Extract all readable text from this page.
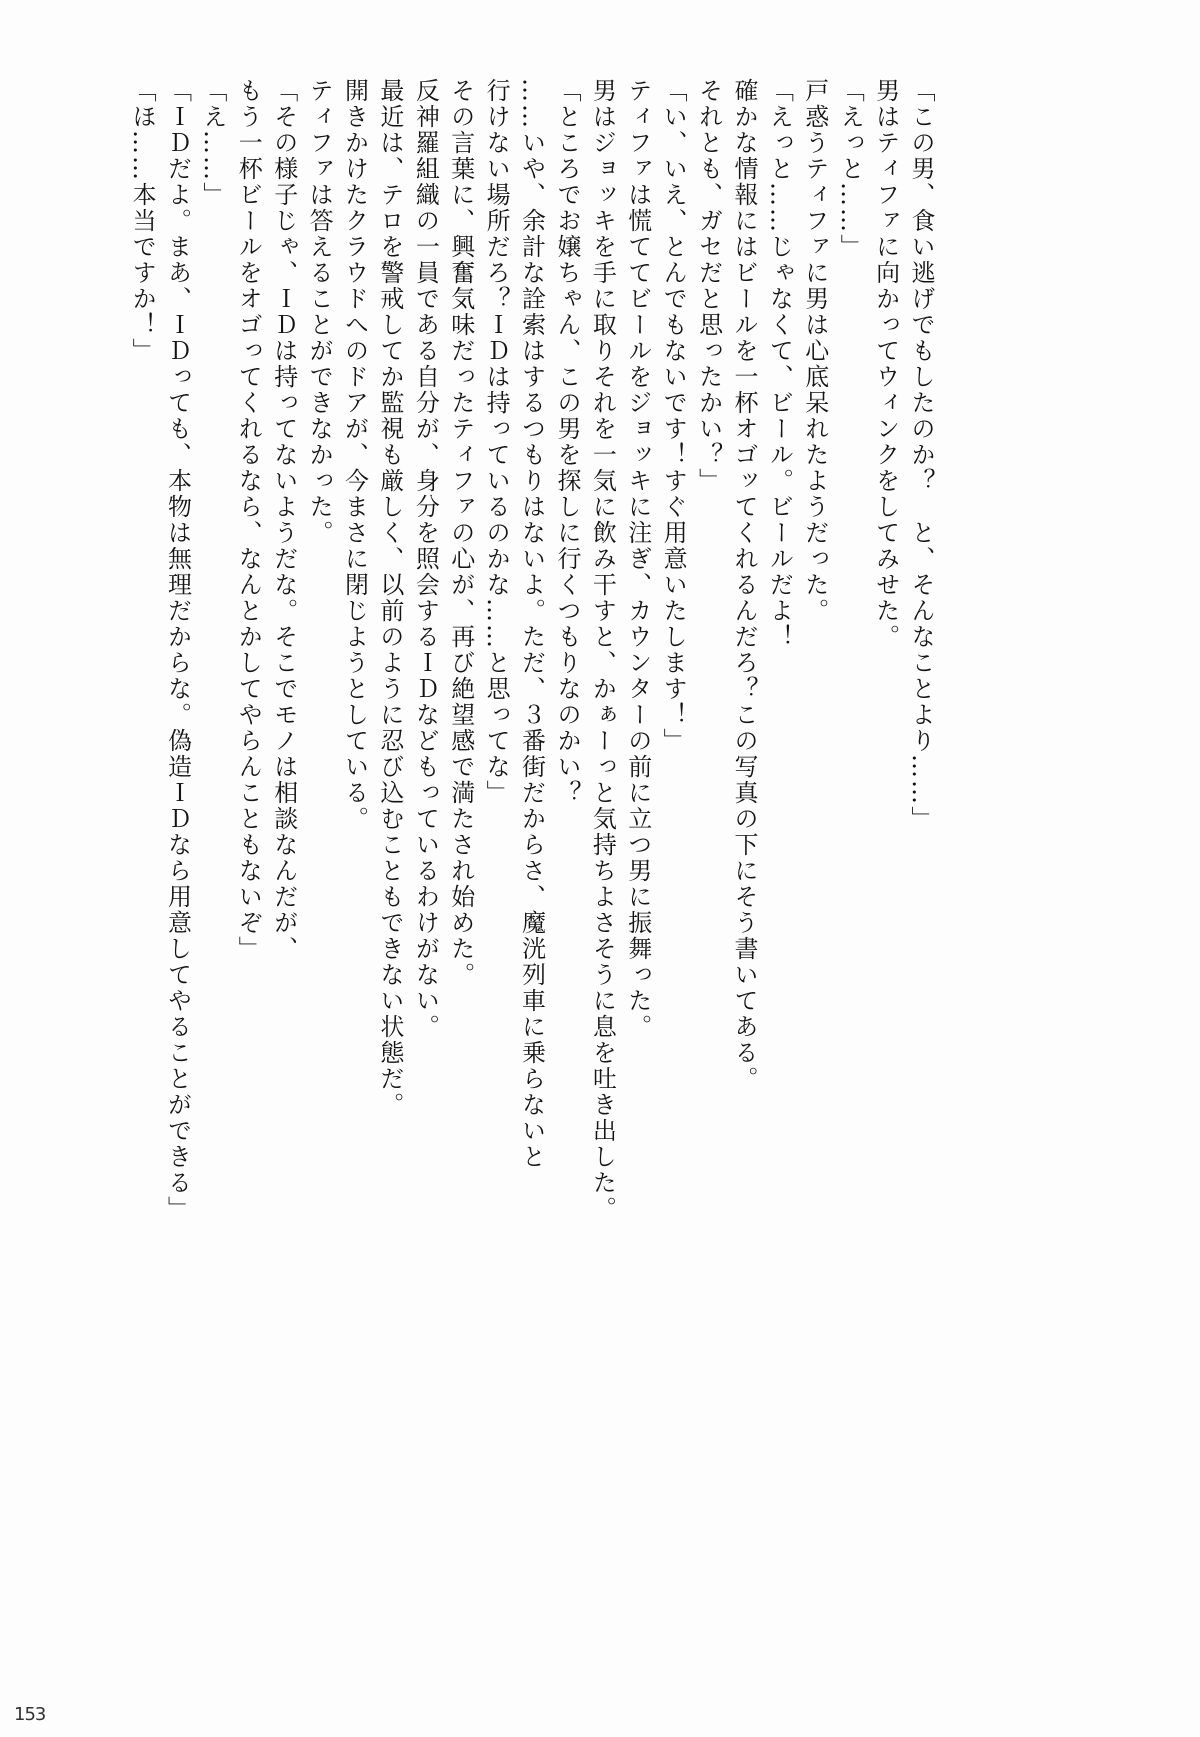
「この男、食い逃げでもしたのか？　と、そんなことより……」
男はティファに向かってウィンクをしてみせた。
「えっと……」
戸惑うティファに男は心底呆れたようだった。
「えっと……じゃなくて、ビール。ビールだよ！
確かな情報にはビールを一杯オゴッてくれるんだろ？この写真の下にそう書いてある。
それとも、ガセだと思ったかい？」
「い、いえ、とんでもないです！すぐ用意いたします！」
ティファは慌ててビールをジョッキに注ぎ、カウンターの前に立つ男に振舞った。
男はジョッキを手に取りそれを一気に飲み干すと、かぁーっと気持ちよさそうに息を吐き出した。
「ところでお嬢ちゃん、この男を探しに行くつもりなのかい？
……いや、余計な詮索はするつもりはないよ。ただ、３番街だからさ、魔洸列車に乗らないと
行けない場所だろ？ＩＤは持っているのかな……と思ってな」
その言葉に、興奮気味だったティファの心が、再び絶望感で満たされ始めた。
反神羅組織の一員である自分が、身分を照会するＩＤなどもっているわけがない。
最近は、テロを警戒してか監視も厳しく、以前のように忍び込むこともできない状態だ。
開きかけたクラウドへのドアが、今まさに閉じようとしている。
ティファは答えることができなかった。
「その様子じゃ、ＩＤは持ってないようだな。そこでモノは相談なんだが、
もう一杯ビールをオゴってくれるなら、なんとかしてやらんこともないぞ」
「え……」
「ＩＤだよ。まあ、ＩＤっても、本物は無理だからな。偽造ＩＤなら用意してやることができる」
「ほ……本当ですか！」
153
